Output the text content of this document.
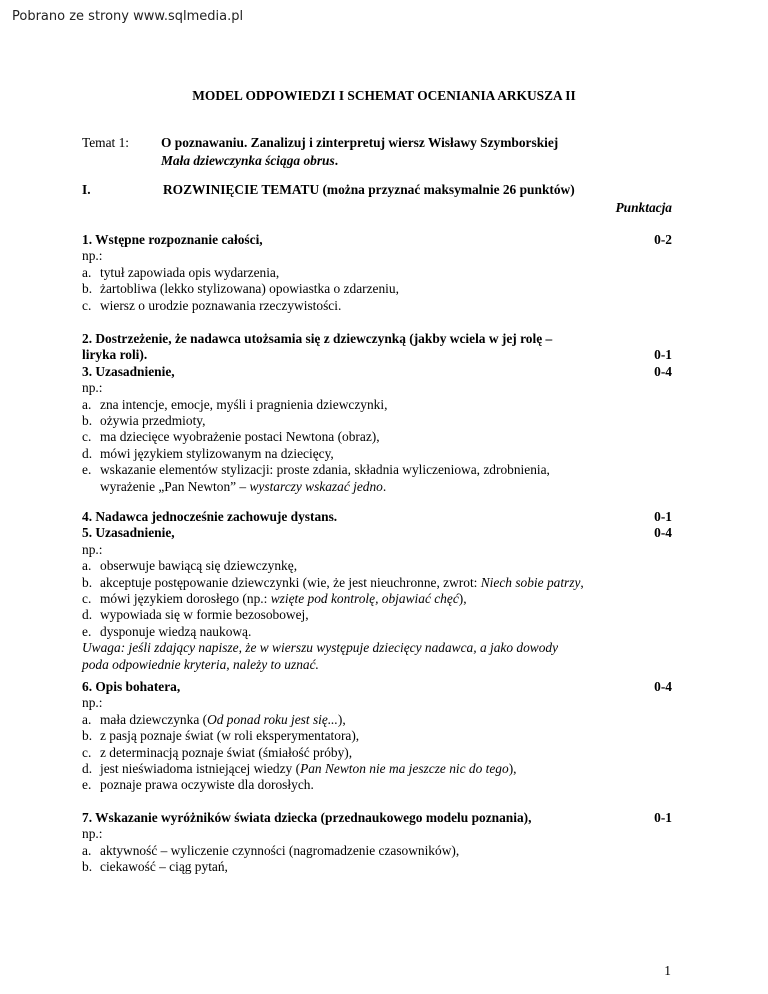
Pobrano ze strony www.sqlmedia.pl
MODEL ODPOWIEDZI I SCHEMAT OCENIANIA ARKUSZA II
Temat 1: O poznawaniu. Zanalizuj i zinterpretuj wiersz Wisławy Szymborskiej
Mała dziewczynka ściąga obrus.
I.	ROZWINIĘCIE TEMATU (można przyznać maksymalnie 26 punktów)
Punktacja
1. Wstępne rozpoznanie całości,	0-2
np.:
a. tytuł zapowiada opis wydarzenia,
b. żartobliwa (lekko stylizowana) opowiastka o zdarzeniu,
c. wiersz o urodzie poznawania rzeczywistości.
2. Dostrzeżenie, że nadawca utożsamia się z dziewczynką (jakby wciela w jej rolę –
liryka roli).	0-1
3. Uzasadnienie,	0-4
np.:
a. zna intencje, emocje, myśli i pragnienia dziewczynki,
b. ożywia przedmioty,
c. ma dziecięce wyobrażenie postaci Newtona (obraz),
d. mówi językiem stylizowanym na dziecięcy,
e. wskazanie elementów stylizacji: proste zdania, składnia wyliczeniowa, zdrobnienia,
wyrażenie „Pan Newton” – wystarczy wskazać jedno.
4. Nadawca jednocześnie zachowuje dystans.	0-1
5. Uzasadnienie,	0-4
np.:
a. obserwuje bawiącą się dziewczynkę,
b. akceptuje postępowanie dziewczynki (wie, że jest nieuchronne, zwrot: Niech sobie patrzy,
c. mówi językiem dorosłego (np.: wzięte pod kontrolę, objawiać chęć),
d. wypowiada się w formie bezosobowej,
e. dysponuje wiedzą naukową.
Uwaga: jeśli zdający napisze, że w wierszu występuje dziecięcy nadawca, a jako dowody
poda odpowiednie kryteria, należy to uznać.
6. Opis bohatera,	0-4
np.:
a. mała dziewczynka (Od ponad roku jest się...),
b. z pasją poznaje świat (w roli eksperymentatora),
c. z determinacją poznaje świat (śmiałość próby),
d. jest nieświadoma istniejącej wiedzy (Pan Newton nie ma jeszcze nic do tego),
e. poznaje prawa oczywiste dla dorosłych.
7. Wskazanie wyróżników świata dziecka (przednaukowego modelu poznania),	0-1
np.:
a. aktywność – wyliczenie czynności (nagromadzenie czasowników),
b. ciekawość – ciąg pytań,
1
